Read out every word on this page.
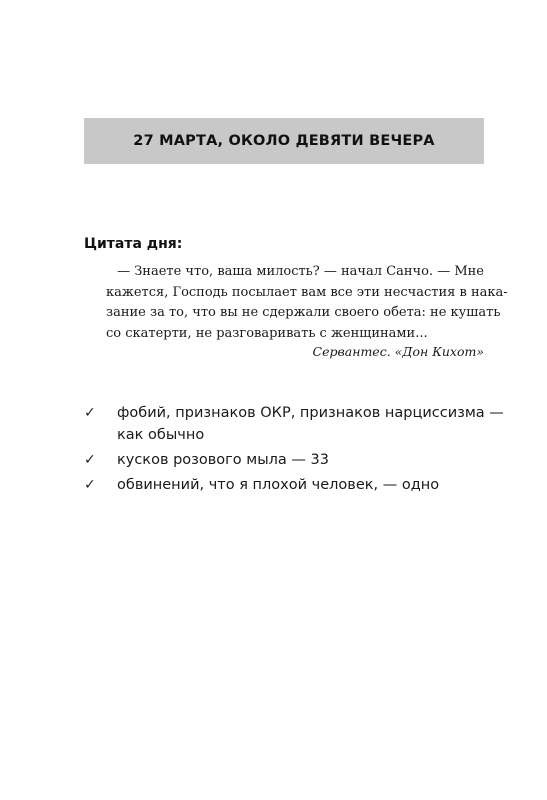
27 МАРТА, ОКОЛО ДЕВЯТИ ВЕЧЕРА
Цитата дня:
— Знаете что, ваша милость? — начал Санчо. — Мне
кажется, Господь посылает вам все эти несчастия в нака-
зание за то, что вы не сдержали своего обета: не кушать
со скатерти, не разговаривать с женщинами...
Сервантес. «Дон Кихот»
✓ фобий, признаков ОКР, признаков нарциссизма —
как обычно
✓ кусков розового мыла — 33
✓ обвинений, что я плохой человек, — одно
